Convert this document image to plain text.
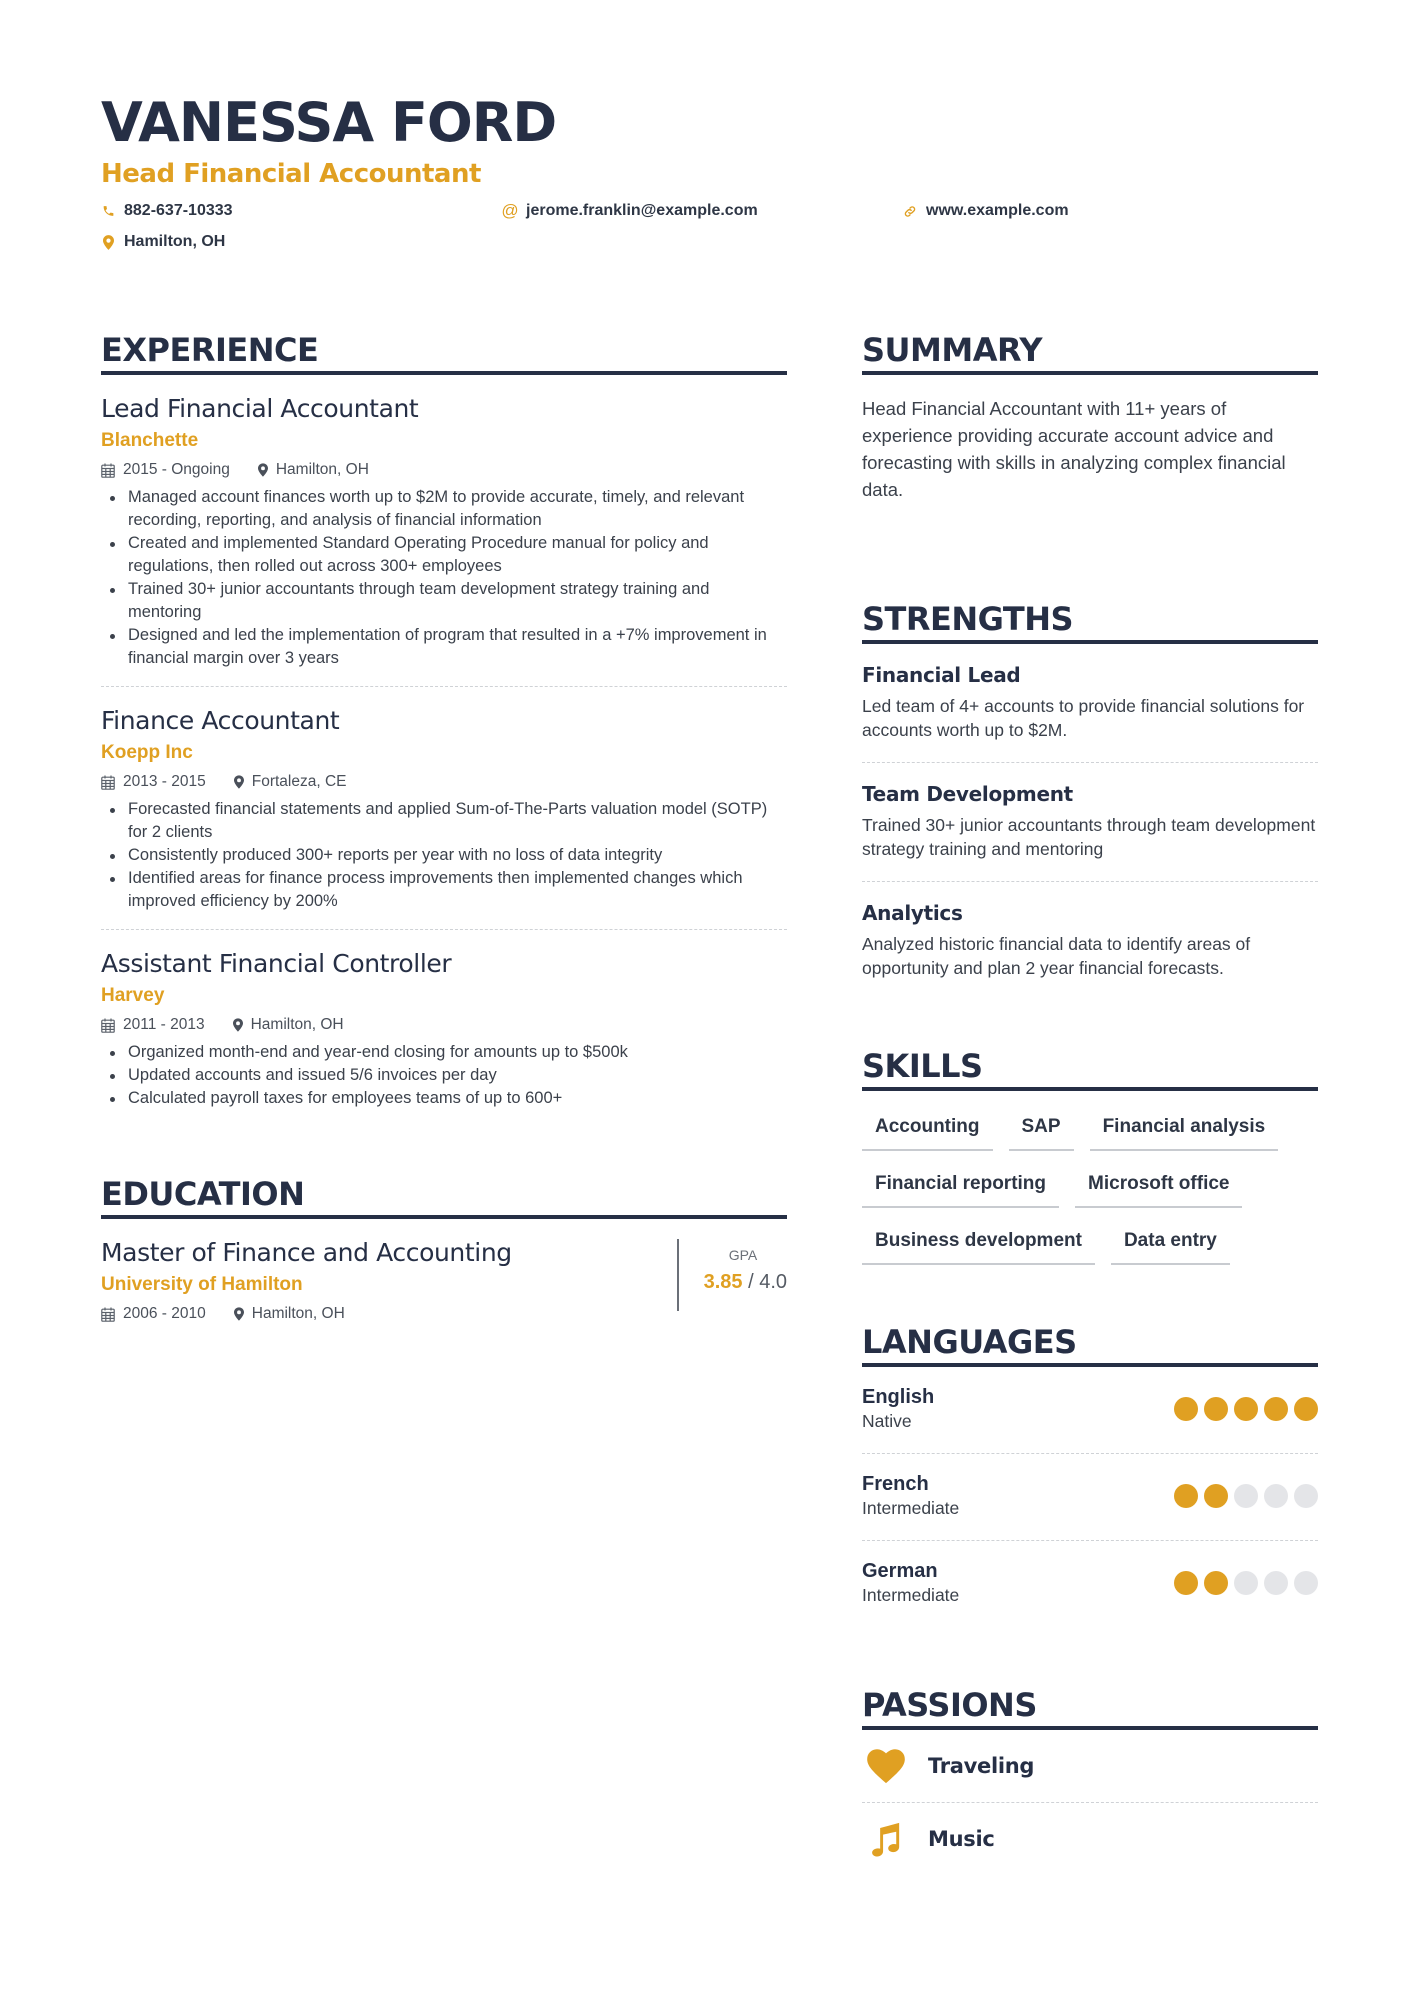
VANESSA FORD
Head Financial Accountant
882-637-10333	@ jerome.franklin@example.com	www.example.com
Hamilton, OH
EXPERIENCE
Lead Financial Accountant
Blanchette
2015 - Ongoing	Hamilton, OH
Managed account finances worth up to $2M to provide accurate, timely, and relevant recording, reporting, and analysis of financial information
Created and implemented Standard Operating Procedure manual for policy and regulations, then rolled out across 300+ employees
Trained 30+ junior accountants through team development strategy training and mentoring
Designed and led the implementation of program that resulted in a +7% improvement in financial margin over 3 years
Finance Accountant
Koepp Inc
2013 - 2015	Fortaleza, CE
Forecasted financial statements and applied Sum-of-The-Parts valuation model (SOTP) for 2 clients
Consistently produced 300+ reports per year with no loss of data integrity
Identified areas for finance process improvements then implemented changes which improved efficiency by 200%
Assistant Financial Controller
Harvey
2011 - 2013	Hamilton, OH
Organized month-end and year-end closing for amounts up to $500k
Updated accounts and issued 5/6 invoices per day
Calculated payroll taxes for employees teams of up to 600+
EDUCATION
Master of Finance and Accounting
University of Hamilton
2006 - 2010	Hamilton, OH
GPA
3.85 / 4.0
SUMMARY

Head Financial Accountant with 11+ years of experience providing accurate account advice and forecasting with skills in analyzing complex financial data.

STRENGTHS
Financial Lead
Led team of 4+ accounts to provide financial solutions for accounts worth up to $2M.
Team Development
Trained 30+ junior accountants through team development strategy training and mentoring
Analytics
Analyzed historic financial data to identify areas of opportunity and plan 2 year financial forecasts.
SKILLS
Accounting	SAP	Financial analysis
Financial reporting	Microsoft office
Business development	Data entry
LANGUAGES
English
Native
French
Intermediate
German
Intermediate
PASSIONS
Traveling
Music
